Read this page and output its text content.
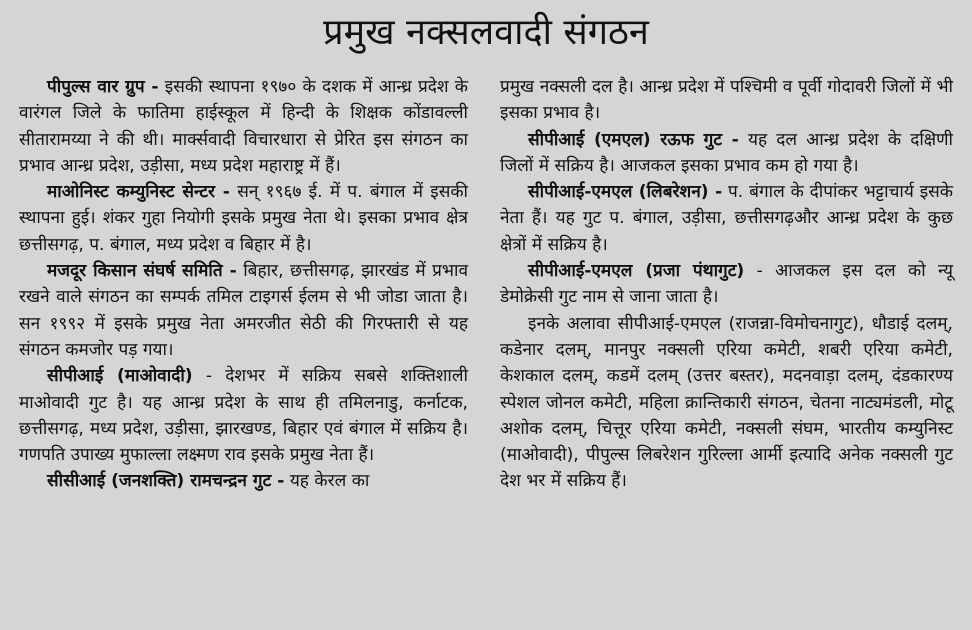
प्रमुख नक्सलवादी संगठन

पीपुल्स वार ग्रुप - इसकी स्थापना १९७० के दशक में आन्ध्र प्रदेश के वारंगल जिले के फातिमा हाईस्कूल में हिन्दी के शिक्षक कोंडावल्ली सीतारामय्या ने की थी। मार्क्सवादी विचारधारा से प्रेरित इस संगठन का प्रभाव आन्ध्र प्रदेश, उड़ीसा, मध्य प्रदेश महाराष्ट्र में हैं।

माओनिस्ट कम्युनिस्ट सेन्टर - सन् १९६७ ई. में प. बंगाल में इसकी स्थापना हुई। शंकर गुहा नियोगी इसके प्रमुख नेता थे। इसका प्रभाव क्षेत्र छत्तीसगढ़, प. बंगाल, मध्य प्रदेश व बिहार में है।

मजदूर किसान संघर्ष समिति - बिहार, छत्तीसगढ़, झारखंड में प्रभाव रखने वाले संगठन का सम्पर्क तमिल टाइगर्स ईलम से भी जोडा जाता है। सन १९९२ में इसके प्रमुख नेता अमरजीत सेठी की गिरफ्तारी से यह संगठन कमजोर पड़ गया।

सीपीआई (माओवादी) - देशभर में सक्रिय सबसे शक्तिशाली माओवादी गुट है। यह आन्ध्र प्रदेश के साथ ही तमिलनाडु, कर्नाटक, छत्तीसगढ़, मध्य प्रदेश, उड़ीसा, झारखण्ड, बिहार एवं बंगाल में सक्रिय है। गणपति उपाख्य मुफाल्ला लक्ष्मण राव इसके प्रमुख नेता हैं।

सीसीआई (जनशक्ति) रामचन्द्रन गुट - यह केरल का

प्रमुख नक्सली दल है। आन्ध्र प्रदेश में पश्चिमी व पूर्वी गोदावरी जिलों में भी इसका प्रभाव है।

सीपीआई (एमएल) रऊफ गुट - यह दल आन्ध्र प्रदेश के दक्षिणी जिलों में सक्रिय है। आजकल इसका प्रभाव कम हो गया है।

सीपीआई-एमएल (लिबरेशन) - प. बंगाल के दीपांकर भट्टाचार्य इसके नेता हैं। यह गुट प. बंगाल, उड़ीसा, छत्तीसगढ़और आन्ध्र प्रदेश के कुछ क्षेत्रों में सक्रिय है।

सीपीआई-एमएल (प्रजा पंथागुट) - आजकल इस दल को न्यू डेमोक्रेसी गुट नाम से जाना जाता है।

इनके अलावा सीपीआई-एमएल (राजन्ना-विमोचनागुट), धौडाई दलम्, कडेनार दलम्, मानपुर नक्सली एरिया कमेटी, शबरी एरिया कमेटी, केशकाल दलम्, कडमें दलम् (उत्तर बस्तर), मदनवाड़ा दलम्, दंडकारण्य स्पेशल जोनल कमेटी, महिला क्रान्तिकारी संगठन, चेतना नाट्यमंडली, मोटू अशोक दलम्, चित्तूर एरिया कमेटी, नक्सली संघम, भारतीय कम्युनिस्ट (माओवादी), पीपुल्स लिबरेशन गुरिल्ला आर्मी इत्यादि अनेक नक्सली गुट देश भर में सक्रिय हैं।
